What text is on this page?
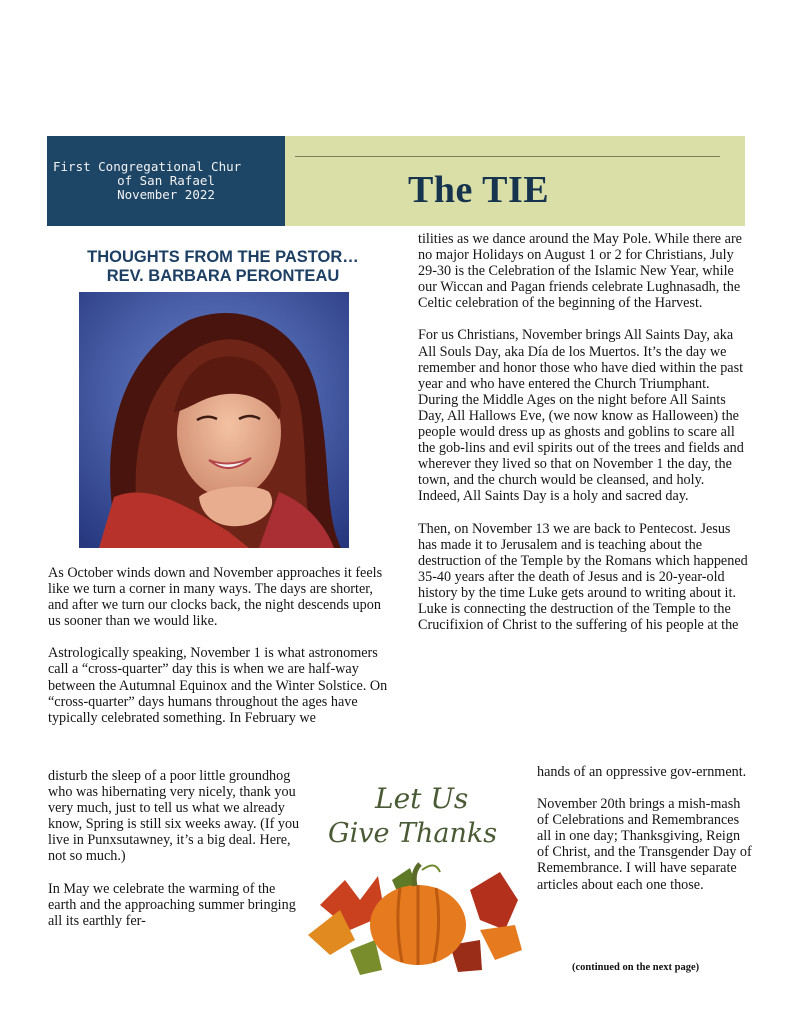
First Congregational Chur
of San Rafael
November 2022	The TIE
THOUGHTS FROM THE PASTOR…
REV. BARBARA PERONTEAU

As October winds down and November approaches it feels like we turn a corner in many ways. The days are shorter, and after we turn our clocks back, the night descends upon us sooner than we would like.

Astrologically speaking, November 1 is what astronomers call a “cross-quarter” day this is when we are half-way between the Autumnal Equinox and the Winter Solstice. On “cross-quarter” days humans throughout the ages have typically celebrated something. In February we

disturb the sleep of a poor little groundhog who was hibernating very nicely, thank you very much, just to tell us what we already know, Spring is still six weeks away. (If you live in Punxsutawney, it’s a big deal. Here, not so much.)

In May we celebrate the warming of the earth and the approaching summer bringing all its earthly fer-

tilities as we dance around the May Pole. While there are no major Holidays on August 1 or 2 for Christians, July 29-30 is the Celebration of the Islamic New Year, while our Wiccan and Pagan friends celebrate Lughnasadh, the Celtic celebration of the beginning of the Harvest.

For us Christians, November brings All Saints Day, aka All Souls Day, aka Día de los Muertos. It’s the day we remember and honor those who have died within the past year and who have entered the Church Triumphant. During the Middle Ages on the night before All Saints Day, All Hallows Eve, (we now know as Halloween) the people would dress up as ghosts and goblins to scare all the gob-lins and evil spirits out of the trees and fields and wherever they lived so that on November 1 the day, the town, and the church would be cleansed, and holy. Indeed, All Saints Day is a holy and sacred day.

Then, on November 13 we are back to Pentecost. Jesus has made it to Jerusalem and is teaching about the destruction of the Temple by the Romans which happened 35-40 years after the death of Jesus and is 20-year-old history by the time Luke gets around to writing about it. Luke is connecting the destruction of the Temple to the Crucifixion of Christ to the suffering of his people at the

hands of an oppressive gov-ernment.

November 20th brings a mish-mash of Celebrations and Remembrances all in one day; Thanksgiving, Reign of Christ, and the Transgender Day of Remembrance. I will have separate articles about each one those.

Let Us
Give Thanks
(continued on the next page)
